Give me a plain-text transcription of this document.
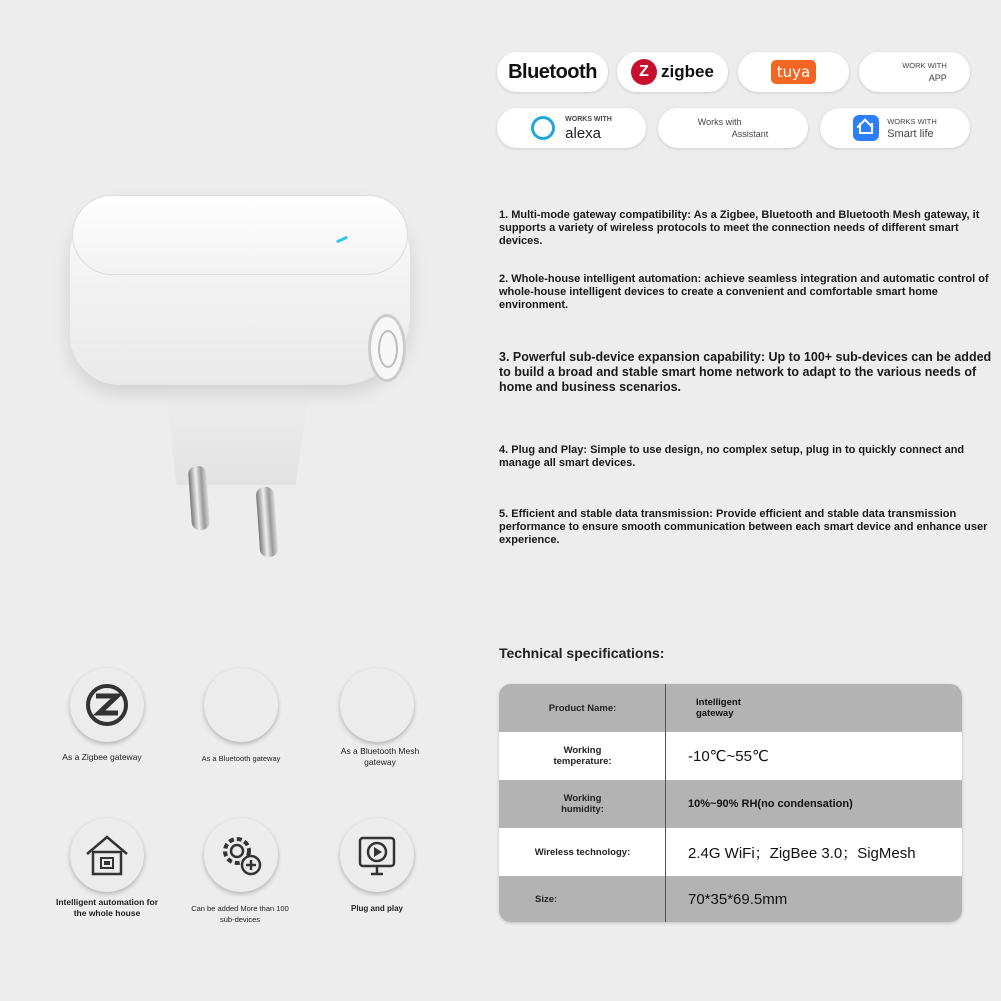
Bluetooth	Z zigbee	tuya	WORK WITH
APP
WORKS WITH
alexa
Works with
Assistant
WORKS WITH
Smart life
1. Multi-mode gateway compatibility: As a Zigbee, Bluetooth and Bluetooth Mesh gateway, it supports a variety of wireless protocols to meet the connection needs of different smart devices.
2. Whole-house intelligent automation: achieve seamless integration and automatic control of whole-house intelligent devices to create a convenient and comfortable smart home environment.
3. Powerful sub-device expansion capability: Up to 100+ sub-devices can be added to build a broad and stable smart home network to adapt to the various needs of home and business scenarios.
4. Plug and Play: Simple to use design, no complex setup, plug in to quickly connect and manage all smart devices.
5. Efficient and stable data transmission: Provide efficient and stable data transmission performance to ensure smooth communication between each smart device and enhance user experience.
As a Zigbee gateway	As a Bluetooth gateway
As a Bluetooth Mesh gateway
Intelligent automation for the whole house	Can be added More than 100 sub-devices
Plug and play
Technical specifications:
Product Name:	Intelligent gateway
Working temperature:	-10℃~55℃
Working humidity:	10%~90% RH(no condensation)
Wireless technology:	2.4G WiFi；ZigBee 3.0；SigMesh
Size:	70*35*69.5mm
